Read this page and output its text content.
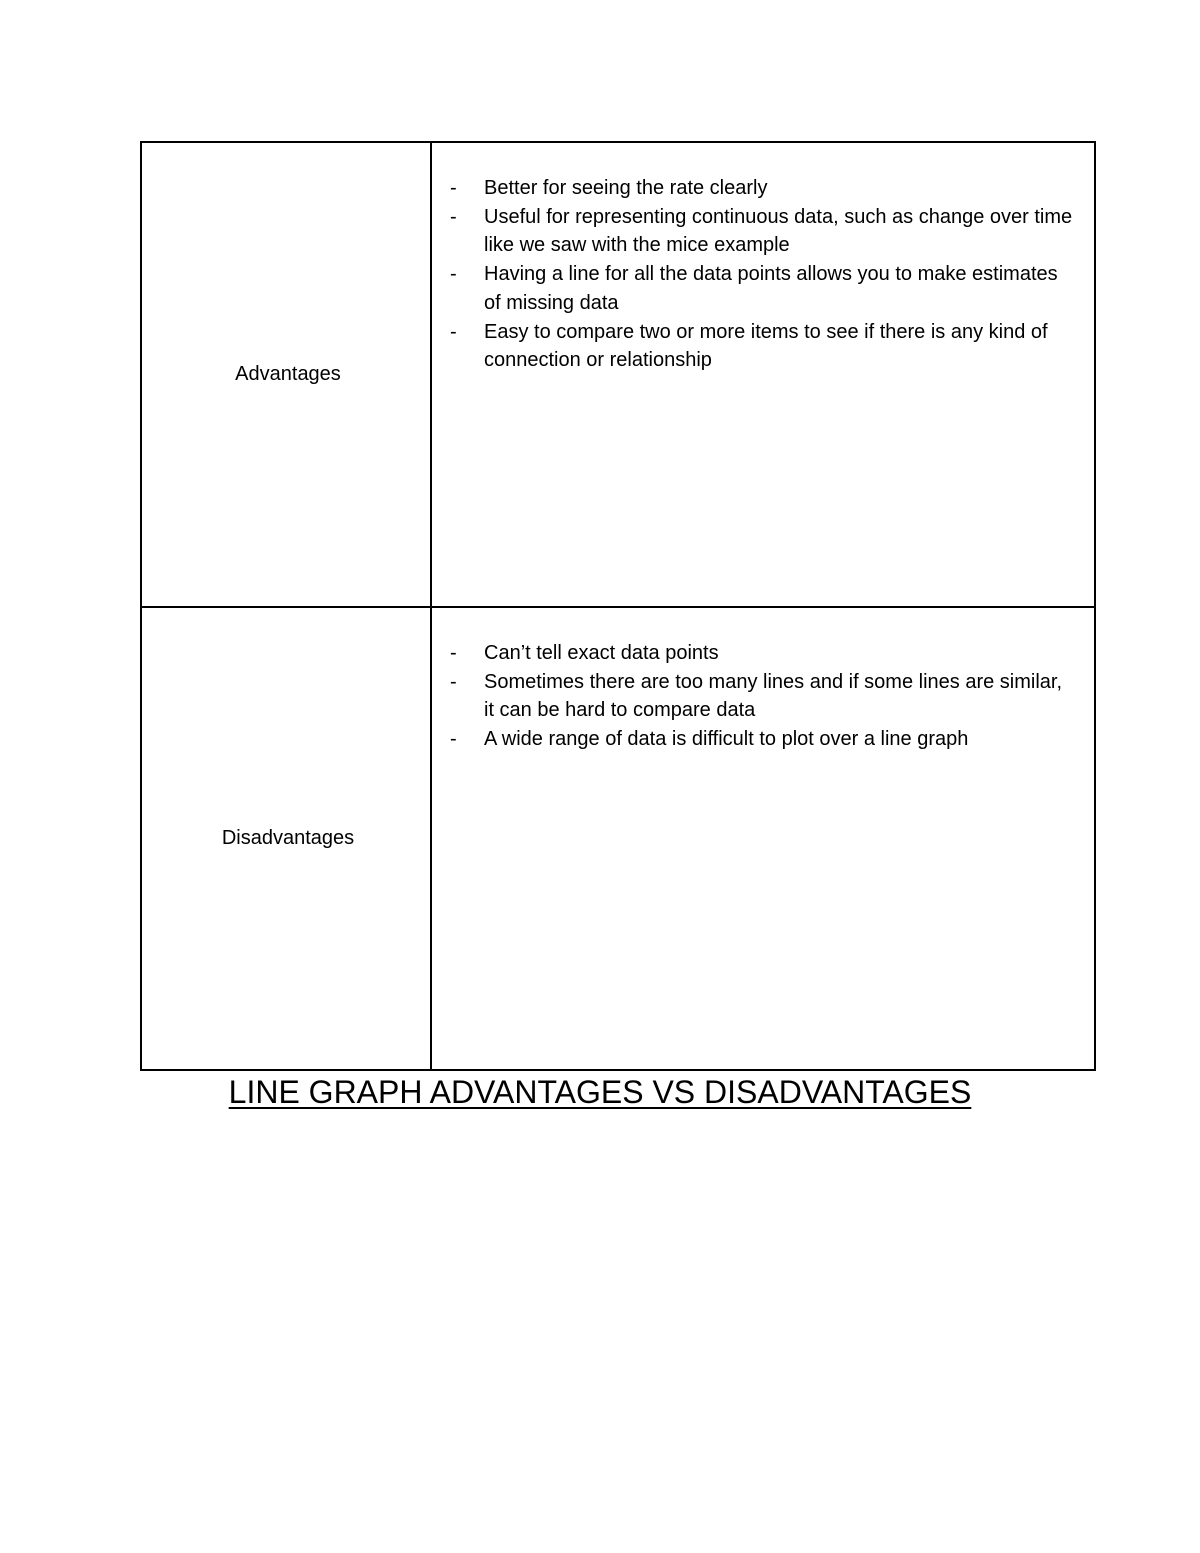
Advantages
- Better for seeing the rate clearly
- Useful for representing continuous data, such as change over time like we saw with the mice example
- Having a line for all the data points allows you to make estimates of missing data
- Easy to compare two or more items to see if there is any kind of connection or relationship
Disadvantages
- Can’t tell exact data points
- Sometimes there are too many lines and if some lines are similar, it can be hard to compare data
- A wide range of data is difficult to plot over a line graph
LINE GRAPH ADVANTAGES VS DISADVANTAGES
